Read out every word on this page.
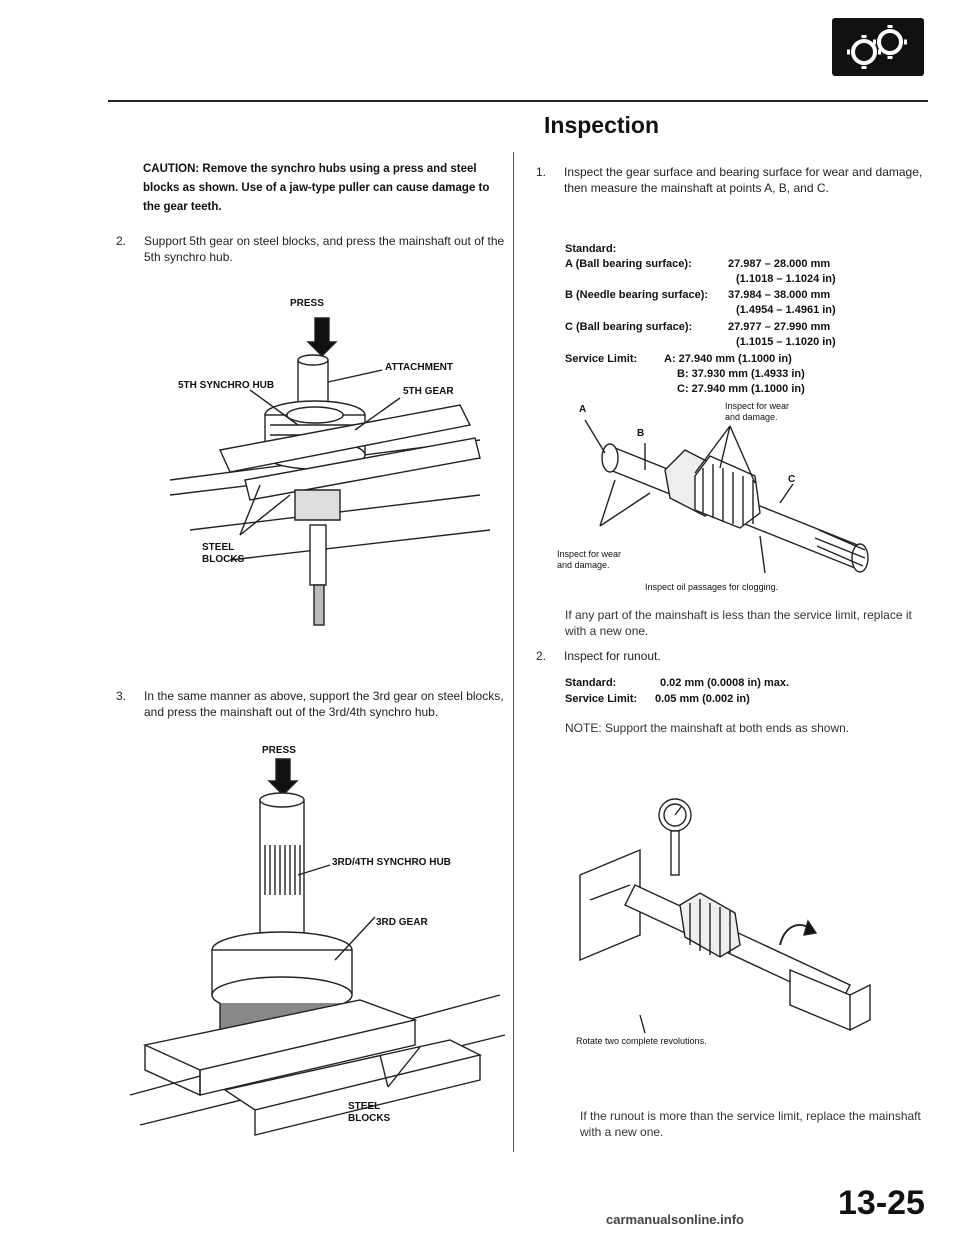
Inspection
CAUTION: Remove the synchro hubs using a press and steel blocks as shown. Use of a jaw-type puller can cause damage to the gear teeth.
2. Support 5th gear on steel blocks, and press the mainshaft out of the 5th synchro hub.
PRESS
5TH SYNCHRO HUB
ATTACHMENT
5TH GEAR
STEEL
BLOCKS
3. In the same manner as above, support the 3rd gear on steel blocks, and press the mainshaft out of the 3rd/4th synchro hub.
PRESS
3RD/4TH SYNCHRO HUB
3RD GEAR
STEEL
BLOCKS
1. Inspect the gear surface and bearing surface for wear and damage, then measure the mainshaft at points A, B, and C.
Standard:
A (Ball bearing surface):	27.987 – 28.000 mm
(1.1018 – 1.1024 in)
B (Needle bearing surface):	37.984 – 38.000 mm
(1.4954 – 1.4961 in)
C (Ball bearing surface):	27.977 – 27.990 mm
(1.1015 – 1.1020 in)
Service Limit: A: 27.940 mm (1.1000 in)
B: 37.930 mm (1.4933 in)
C: 27.940 mm (1.1000 in)
A
B
C
Inspect for wear
and damage.
Inspect for wear
and damage.
Inspect oil passages for clogging.
If any part of the mainshaft is less than the service limit, replace it with a new one.
2. Inspect for runout.
Standard:	0.02 mm (0.0008 in) max.
Service Limit: 0.05 mm (0.002 in)
NOTE: Support the mainshaft at both ends as shown.
Rotate two complete revolutions.
If the runout is more than the service limit, replace the mainshaft with a new one.
13-25
carmanualsonline.info
